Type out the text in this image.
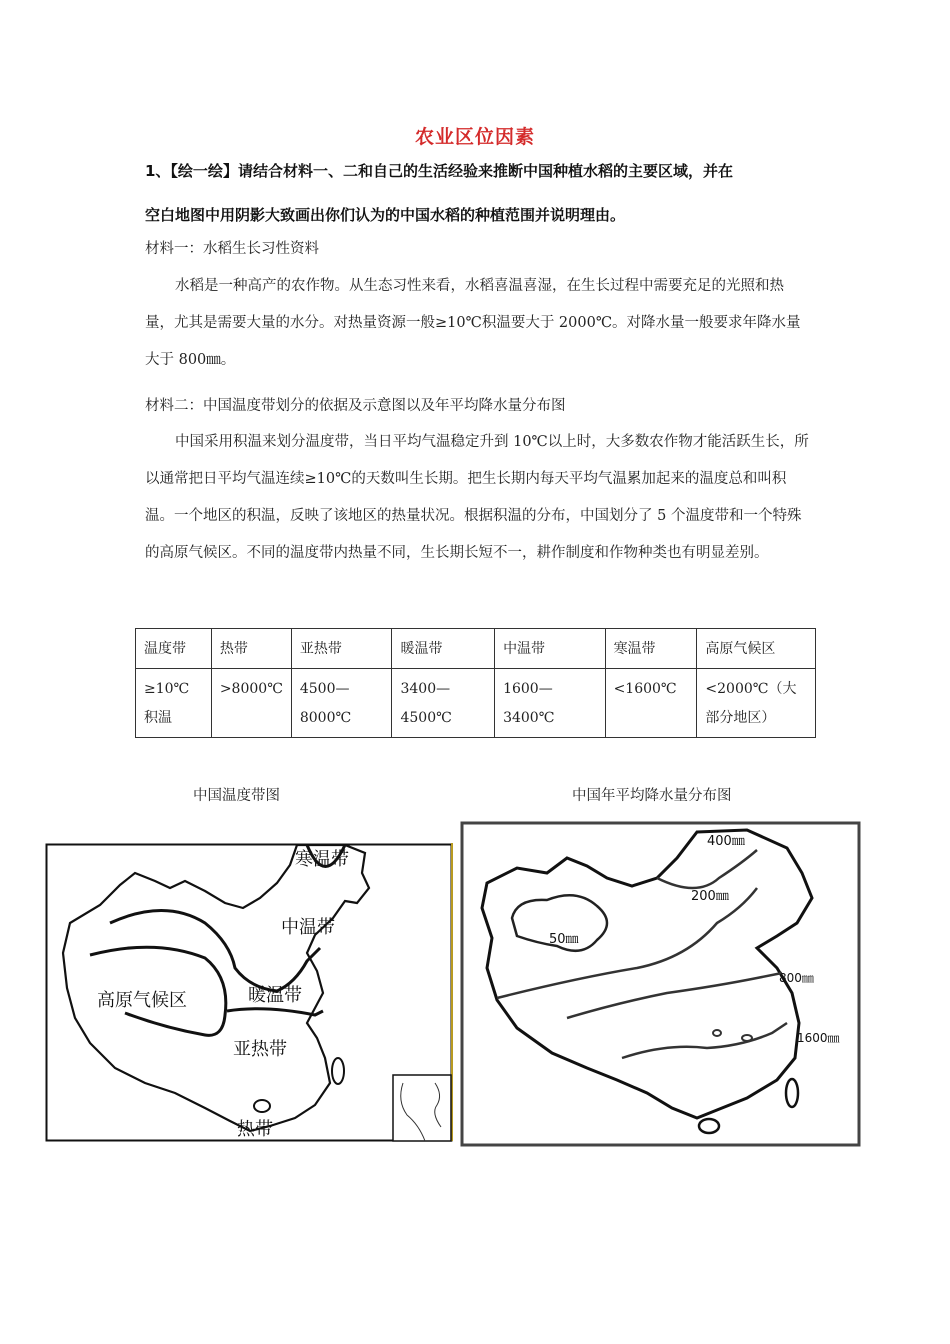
农业区位因素
1、【绘一绘】请结合材料一、二和自己的生活经验来推断中国种植水稻的主要区域，并在
空白地图中用阴影大致画出你们认为的中国水稻的种植范围并说明理由。
材料一：水稻生长习性资料
水稻是一种高产的农作物。从生态习性来看，水稻喜温喜湿，在生长过程中需要充足的光照和热量，尤其是需要大量的水分。对热量资源一般≥10℃积温要大于 2000℃。对降水量一般要求年降水量大于 800㎜。
材料二：中国温度带划分的依据及示意图以及年平均降水量分布图
中国采用积温来划分温度带，当日平均气温稳定升到 10℃以上时，大多数农作物才能活跃生长，所以通常把日平均气温连续≥10℃的天数叫生长期。把生长期内每天平均气温累加起来的温度总和叫积温。一个地区的积温，反映了该地区的热量状况。根据积温的分布，中国划分了 5 个温度带和一个特殊的高原气候区。不同的温度带内热量不同，生长期长短不一，耕作制度和作物种类也有明显差别。
温度带	热带	亚热带	暖温带	中温带	寒温带	高原气候区
≥10℃积温	>8000℃	4500—8000℃	3400—4500℃	1600—3400℃	<1600℃	<2000℃（大部分地区）
中国温度带图	中国年平均降水量分布图
寒温带
中温带
高原气候区	暖温带
亚热带
热带
400㎜
200㎜
50㎜
800㎜
1600㎜
